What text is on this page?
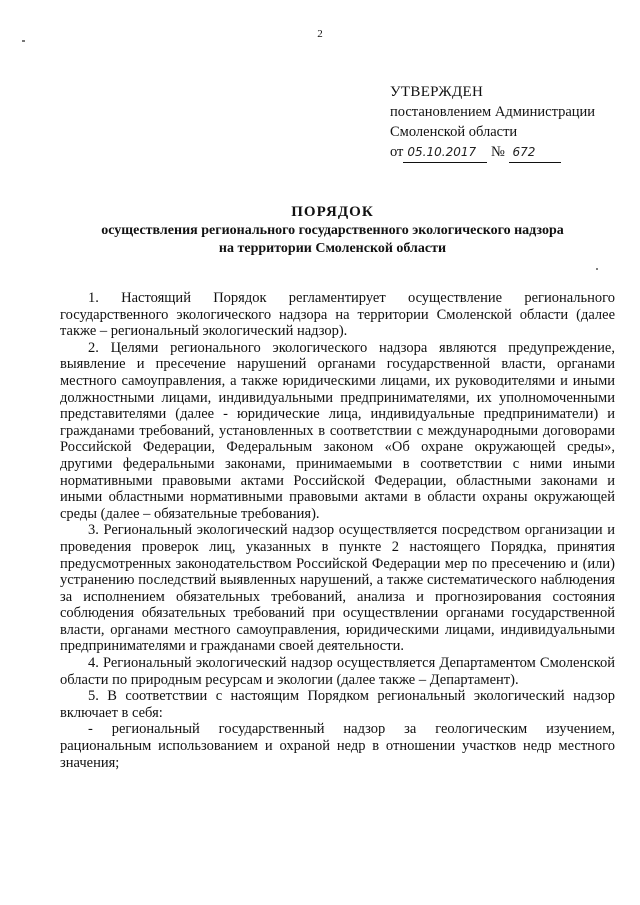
2
УТВЕРЖДЕН
постановлением Администрации
Смоленской области
от 05.10.2017 № 672
ПОРЯДОК
осуществления регионального государственного экологического надзора
на территории Смоленской области

1. Настоящий Порядок регламентирует осуществление регионального государственного экологического надзора на территории Смоленской области (далее также – региональный экологический надзор).

2. Целями регионального экологического надзора являются предупреждение, выявление и пресечение нарушений органами государственной власти, органами местного самоуправления, а также юридическими лицами, их руководителями и иными должностными лицами, индивидуальными предпринимателями, их уполномоченными представителями (далее - юридические лица, индивидуальные предприниматели) и гражданами требований, установленных в соответствии с международными договорами Российской Федерации, Федеральным законом «Об охране окружающей среды», другими федеральными законами, принимаемыми в соответствии с ними иными нормативными правовыми актами Российской Федерации, областными законами и иными областными нормативными правовыми актами в области охраны окружающей среды (далее – обязательные требования).

3. Региональный экологический надзор осуществляется посредством организации и проведения проверок лиц, указанных в пункте 2 настоящего Порядка, принятия предусмотренных законодательством Российской Федерации мер по пресечению и (или) устранению последствий выявленных нарушений, а также систематического наблюдения за исполнением обязательных требований, анализа и прогнозирования состояния соблюдения обязательных требований при осуществлении органами государственной власти, органами местного самоуправления, юридическими лицами, индивидуальными предпринимателями и гражданами своей деятельности.

4. Региональный экологический надзор осуществляется Департаментом Смоленской области по природным ресурсам и экологии (далее также – Департамент).

5. В соответствии с настоящим Порядком региональный экологический надзор включает в себя:

- региональный государственный надзор за геологическим изучением, рациональным использованием и охраной недр в отношении участков недр местного значения;
